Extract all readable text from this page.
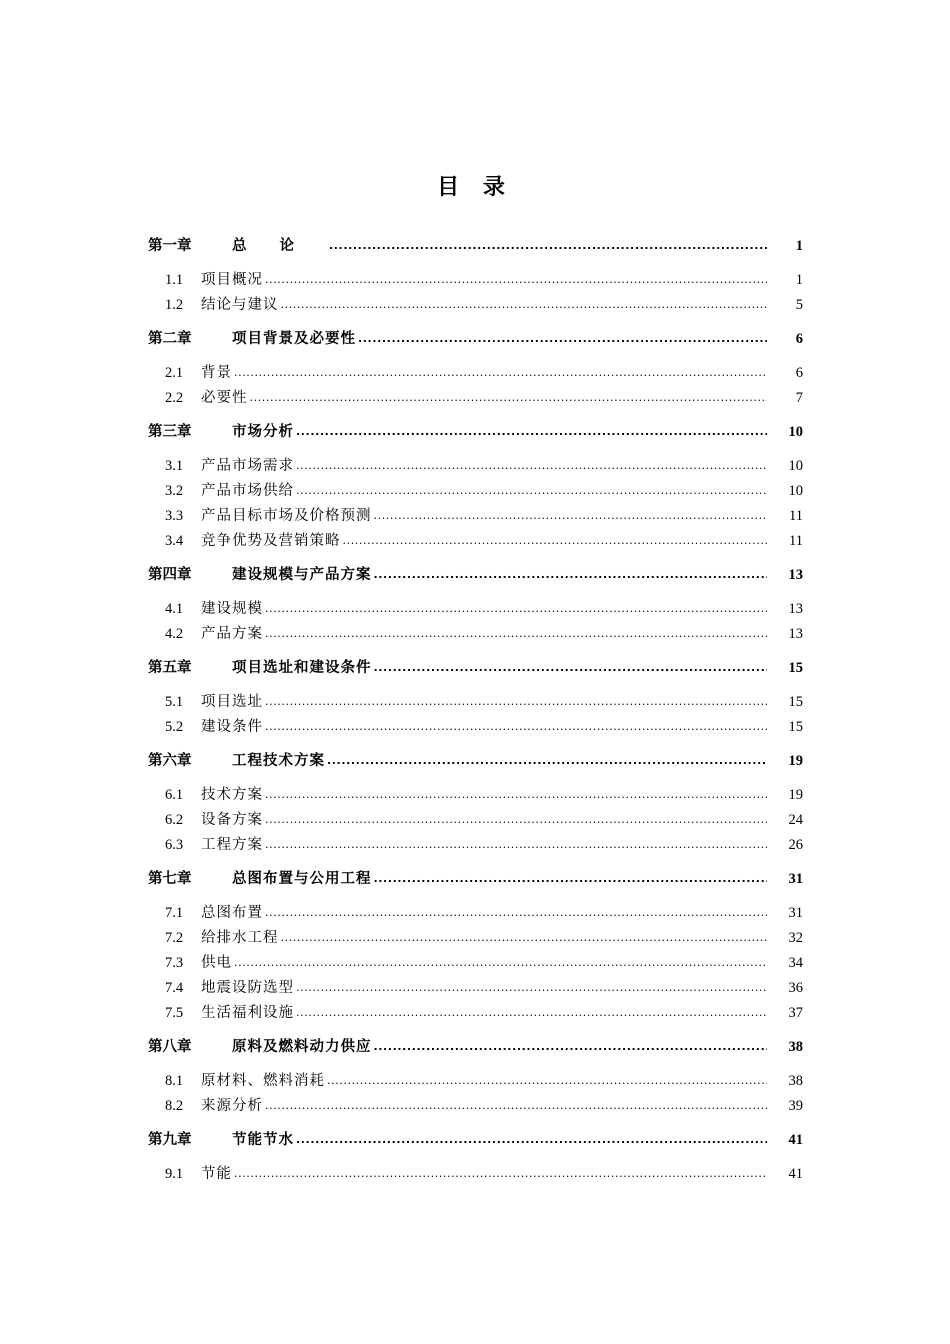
目 录
第一章	总论 .....	1
1.1	项目概况 .....	1
1.2	结论与建议 .....	5
第二章	项目背景及必要性 .....	6
2.1	背景 .....	6
2.2	必要性 .....	7
第三章	市场分析 .....	10
3.1	产品市场需求 .....	10
3.2	产品市场供给 .....	10
3.3	产品目标市场及价格预测 .....	11
3.4	竞争优势及营销策略 .....	11
第四章	建设规模与产品方案 .....	13
4.1	建设规模 .....	13
4.2	产品方案 .....	13
第五章	项目选址和建设条件 .....	15
5.1	项目选址 .....	15
5.2	建设条件 .....	15
第六章	工程技术方案 .....	19
6.1	技术方案 .....	19
6.2	设备方案 .....	24
6.3	工程方案 .....	26
第七章	总图布置与公用工程 .....	31
7.1	总图布置 .....	31
7.2	给排水工程 .....	32
7.3	供电 .....	34
7.4	地震设防选型 .....	36
7.5	生活福利设施 .....	37
第八章	原料及燃料动力供应 .....	38
8.1	原材料、燃料消耗 .....	38
8.2	来源分析 .....	39
第九章	节能节水 .....	41
9.1	节能 .....	41
